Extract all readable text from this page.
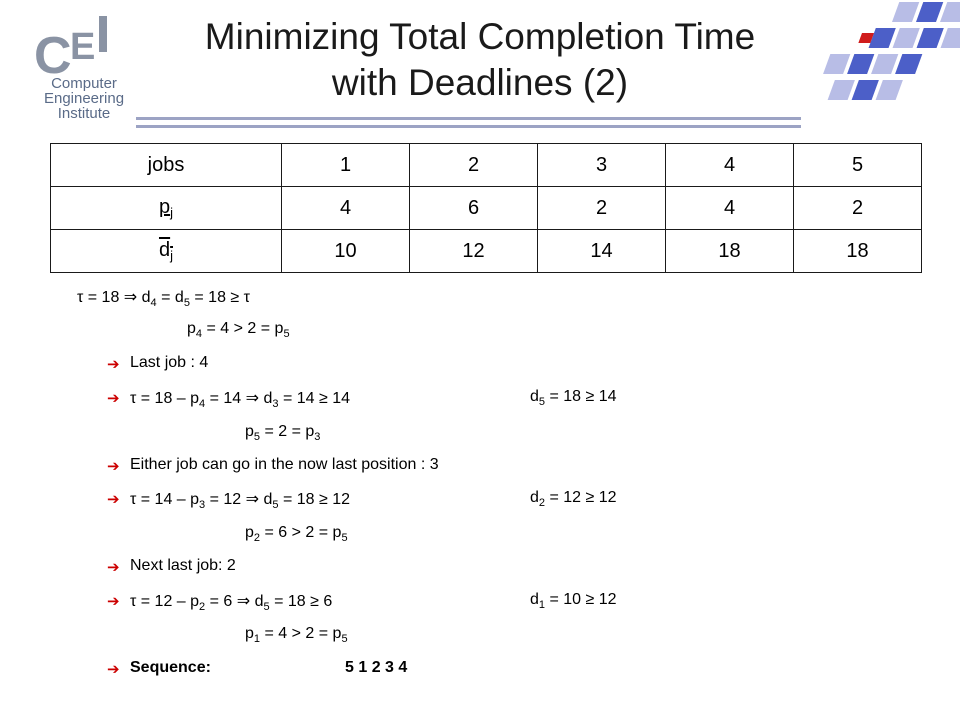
C
E
Computer
Engineering
Institute
Minimizing Total Completion Time
with Deadlines (2)
jobs	1	2	3	4	5
$p_j$	4	6	2	4	2
$d_j$	10	12	14	18	18
τ = 18 ⇒ $d_4 = d_5 = 18 \ge \tau$
$p_4 = 4 > 2 = p_5$
➔ Last job : 4
➔ $\tau = 18 - p_4 = 14$ ⇒ $d_3 = 14 \ge 14$	$d_5 = 18 \ge 14$
$p_5 = 2 = p_3$
➔ Either job can go in the now last position : 3
➔ $\tau = 14 - p_3 = 12$ ⇒ $d_5 = 18 \ge 12$	$d_2 = 12 \ge 12$
$p_2 = 6 > 2 = p_5$
➔ Next last job: 2
➔ $\tau = 12 - p_2 = 6$ ⇒ $d_5 = 18 \ge 6$	$d_1 = 10 \ge 12$
$p_1 = 4 > 2 = p_5$
➔ Sequence:	5 1 2 3 4
